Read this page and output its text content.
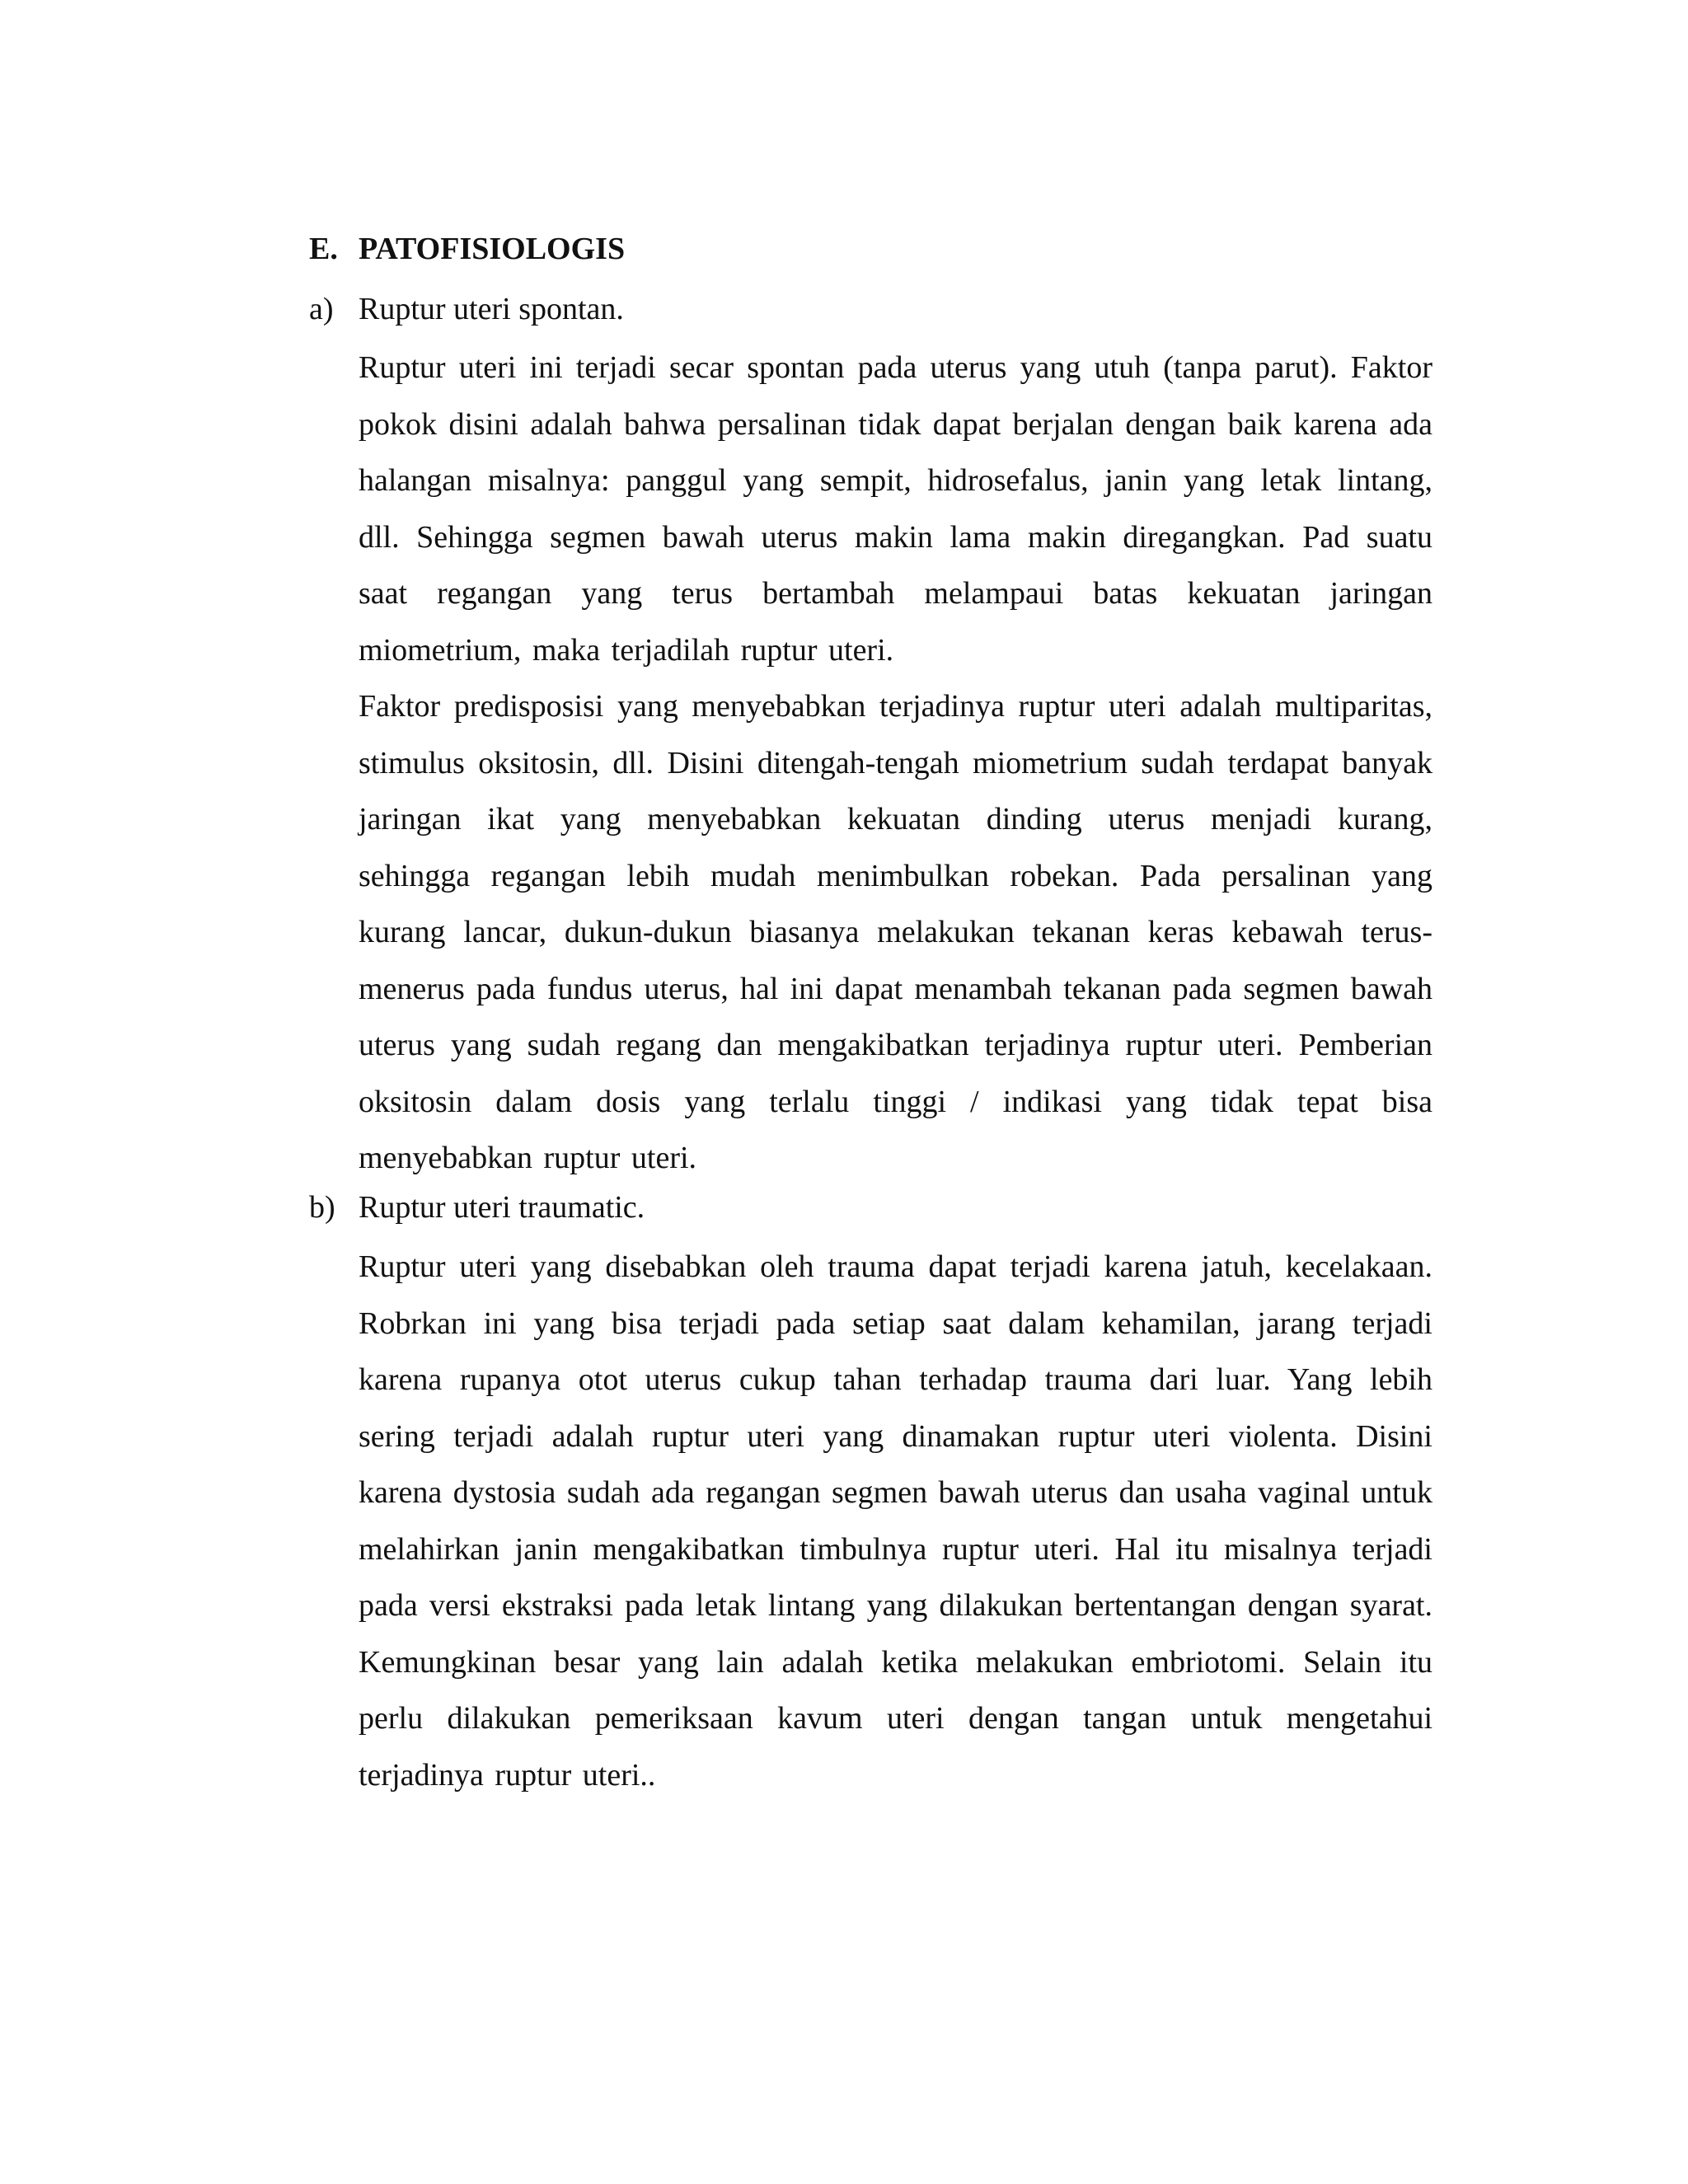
E. PATOFISIOLOGIS
a) Ruptur uteri spontan.

Ruptur uteri ini terjadi secar spontan pada uterus yang utuh (tanpa parut). Faktor pokok disini adalah bahwa persalinan tidak dapat berjalan dengan baik karena ada halangan misalnya: panggul yang sempit, hidrosefalus, janin yang letak lintang, dll. Sehingga segmen bawah uterus makin lama makin diregangkan. Pad suatu saat regangan yang terus bertambah melampaui batas kekuatan jaringan miometrium, maka terjadilah ruptur uteri.

Faktor predisposisi yang menyebabkan terjadinya ruptur uteri adalah multiparitas, stimulus oksitosin, dll. Disini ditengah-tengah miometrium sudah terdapat banyak jaringan ikat yang menyebabkan kekuatan dinding uterus menjadi kurang, sehingga regangan lebih mudah menimbulkan robekan. Pada persalinan yang kurang lancar, dukun-dukun biasanya melakukan tekanan keras kebawah terus-menerus pada fundus uterus, hal ini dapat menambah tekanan pada segmen bawah uterus yang sudah regang dan mengakibatkan terjadinya ruptur uteri. Pemberian oksitosin dalam dosis yang terlalu tinggi / indikasi yang tidak tepat bisa menyebabkan ruptur uteri.

b) Ruptur uteri traumatic.

Ruptur uteri yang disebabkan oleh trauma dapat terjadi karena jatuh, kecelakaan. Robrkan ini yang bisa terjadi pada setiap saat dalam kehamilan, jarang terjadi karena rupanya otot uterus cukup tahan terhadap trauma dari luar. Yang lebih sering terjadi adalah ruptur uteri yang dinamakan ruptur uteri violenta. Disini karena dystosia sudah ada regangan segmen bawah uterus dan usaha vaginal untuk melahirkan janin mengakibatkan timbulnya ruptur uteri. Hal itu misalnya terjadi pada versi ekstraksi pada letak lintang yang dilakukan bertentangan dengan syarat. Kemungkinan besar yang lain adalah ketika melakukan embriotomi. Selain itu perlu dilakukan pemeriksaan kavum uteri dengan tangan untuk mengetahui terjadinya ruptur uteri..
